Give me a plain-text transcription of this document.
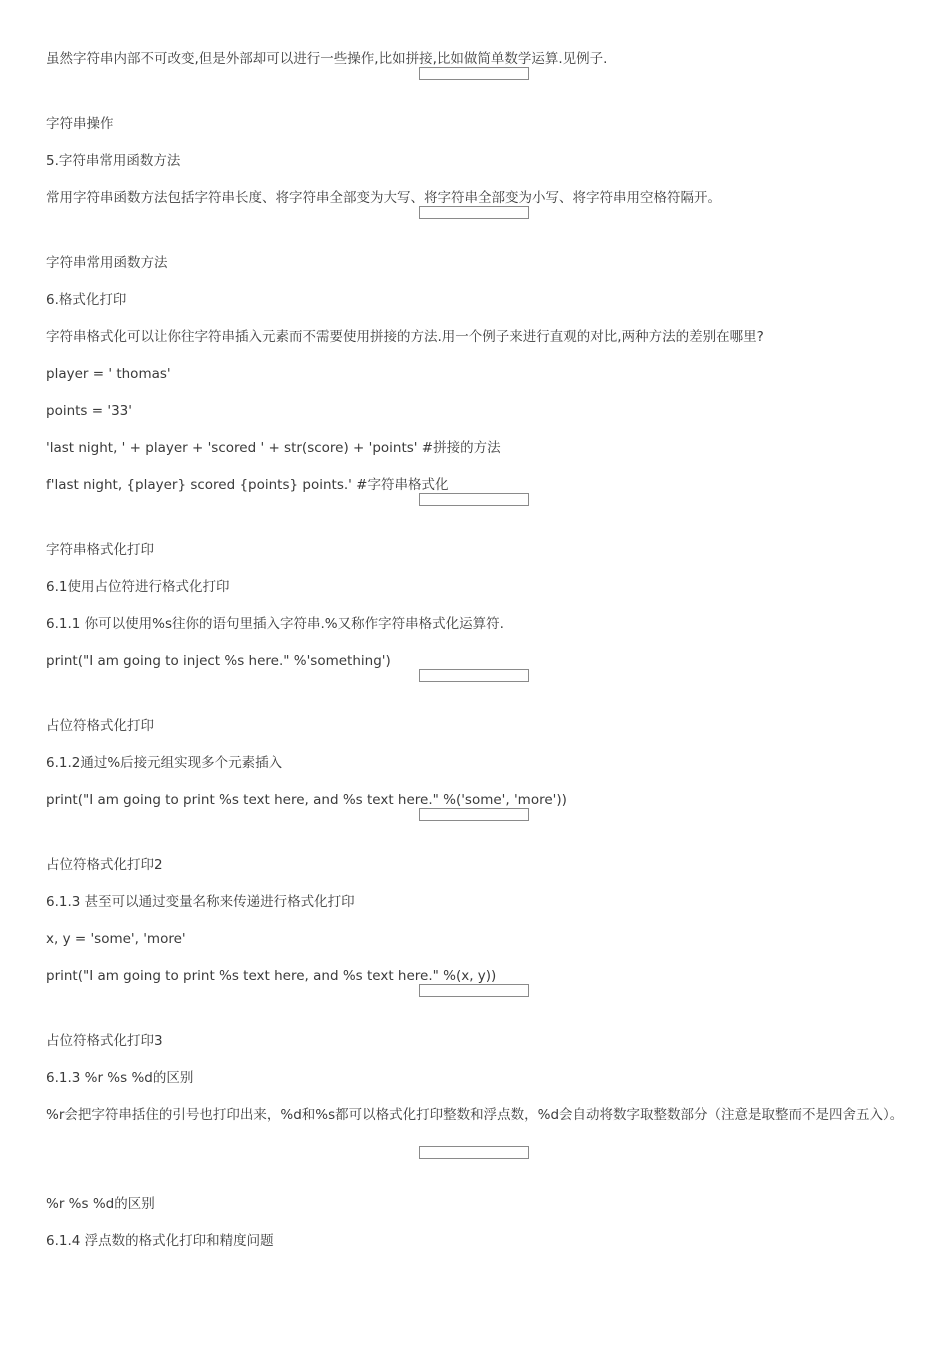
虽然字符串内部不可改变,但是外部却可以进行一些操作,比如拼接,比如做简单数学运算.见例子.

字符串操作

5.字符串常用函数方法

常用字符串函数方法包括字符串长度、将字符串全部变为大写、将字符串全部变为小写、将字符串用空格符隔开。

字符串常用函数方法

6.格式化打印

字符串格式化可以让你往字符串插入元素而不需要使用拼接的方法.用一个例子来进行直观的对比,两种方法的差别在哪里?

player = ' thomas'

points = '33'

'last night, ' + player + 'scored ' + str(score) + 'points' #拼接的方法

f'last night, {player} scored {points} points.' #字符串格式化

字符串格式化打印

6.1使用占位符进行格式化打印

6.1.1 你可以使用%s往你的语句里插入字符串.%又称作字符串格式化运算符.

print("I am going to inject %s here." %'something')

占位符格式化打印

6.1.2通过%后接元组实现多个元素插入

print("I am going to print %s text here, and %s text here." %('some', 'more'))

占位符格式化打印2

6.1.3 甚至可以通过变量名称来传递进行格式化打印

x, y = 'some', 'more'

print("I am going to print %s text here, and %s text here." %(x, y))

占位符格式化打印3

6.1.3 %r %s %d的区别

%r会把字符串括住的引号也打印出来，%d和%s都可以格式化打印整数和浮点数，%d会自动将数字取整数部分（注意是取整而不是四舍五入）。

%r %s %d的区别

6.1.4 浮点数的格式化打印和精度问题
